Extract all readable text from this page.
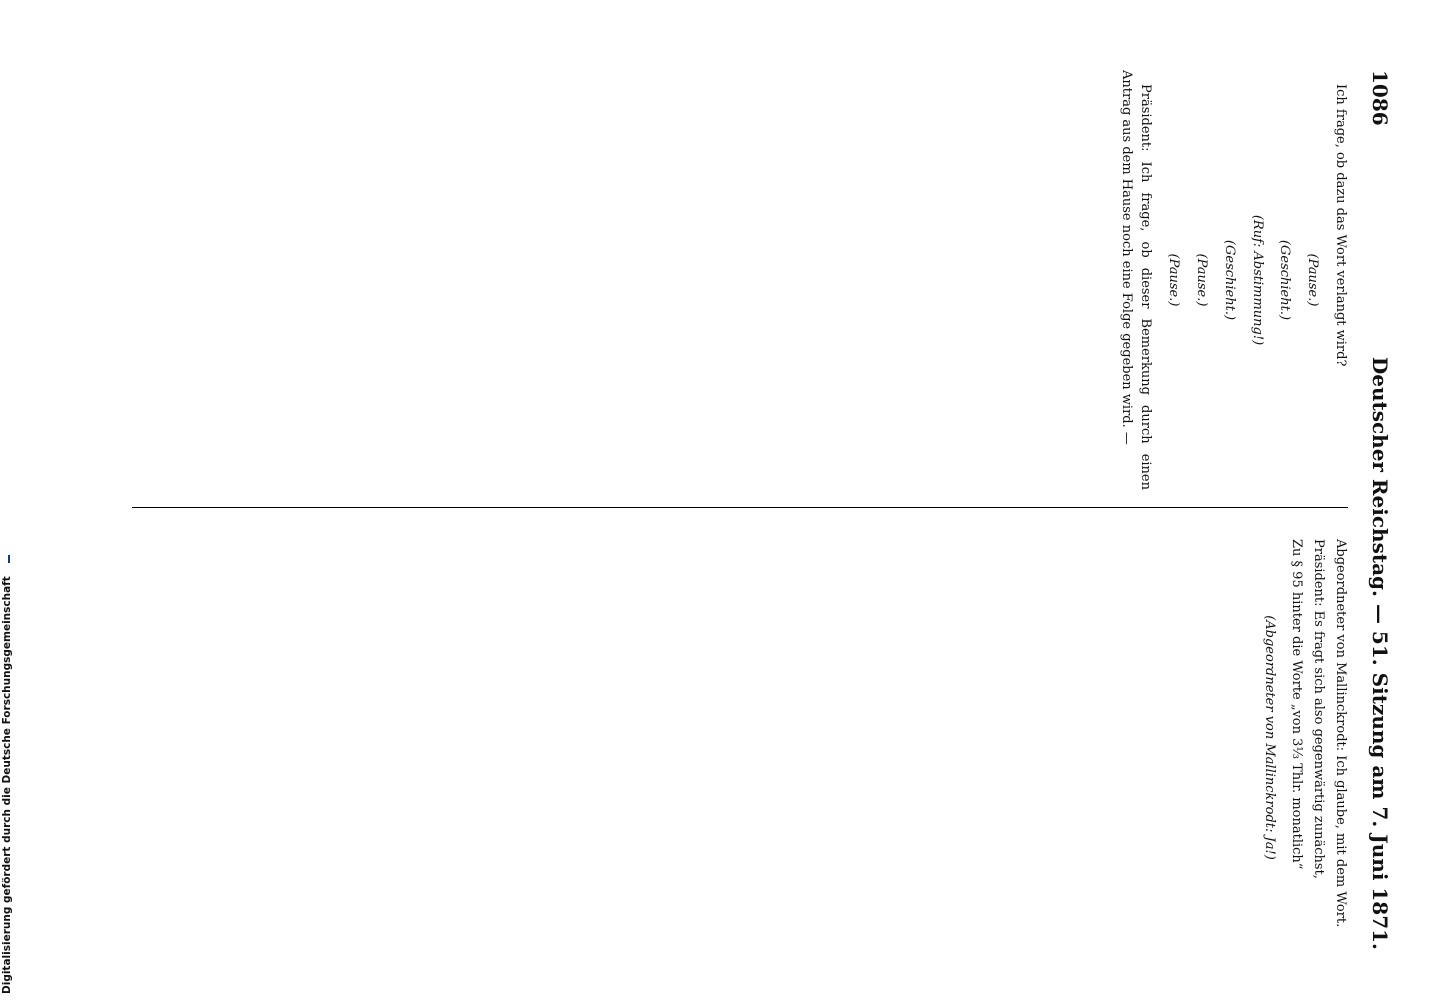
1086
Deutscher Reichstag. — 51. Sitzung am 7. Juni 1871.

Ich frage, ob dazu das Wort verlangt wird?

(Pause.)

(Geschieht.)

(Ruf: Abstimmung!)

(Geschieht.)

(Pause.)

(Pause.)

Präsident: Ich frage, ob dieser Bemerkung durch einen Antrag aus dem Hause noch eine Folge gegeben wird. —

Abgeordneter von Mallinckrodt: Ich glaube, mit dem Wort.

Präsident: Es fragt sich also gegenwärtig zunächst,

Zu § 95 hinter die Worte „von 3⅓ Thlr. monatlich“

(Abgeordneter von Mallinckrodt: Ja!)

Digitalisierung gefördert durch die Deutsche Forschungsgemeinschaft
